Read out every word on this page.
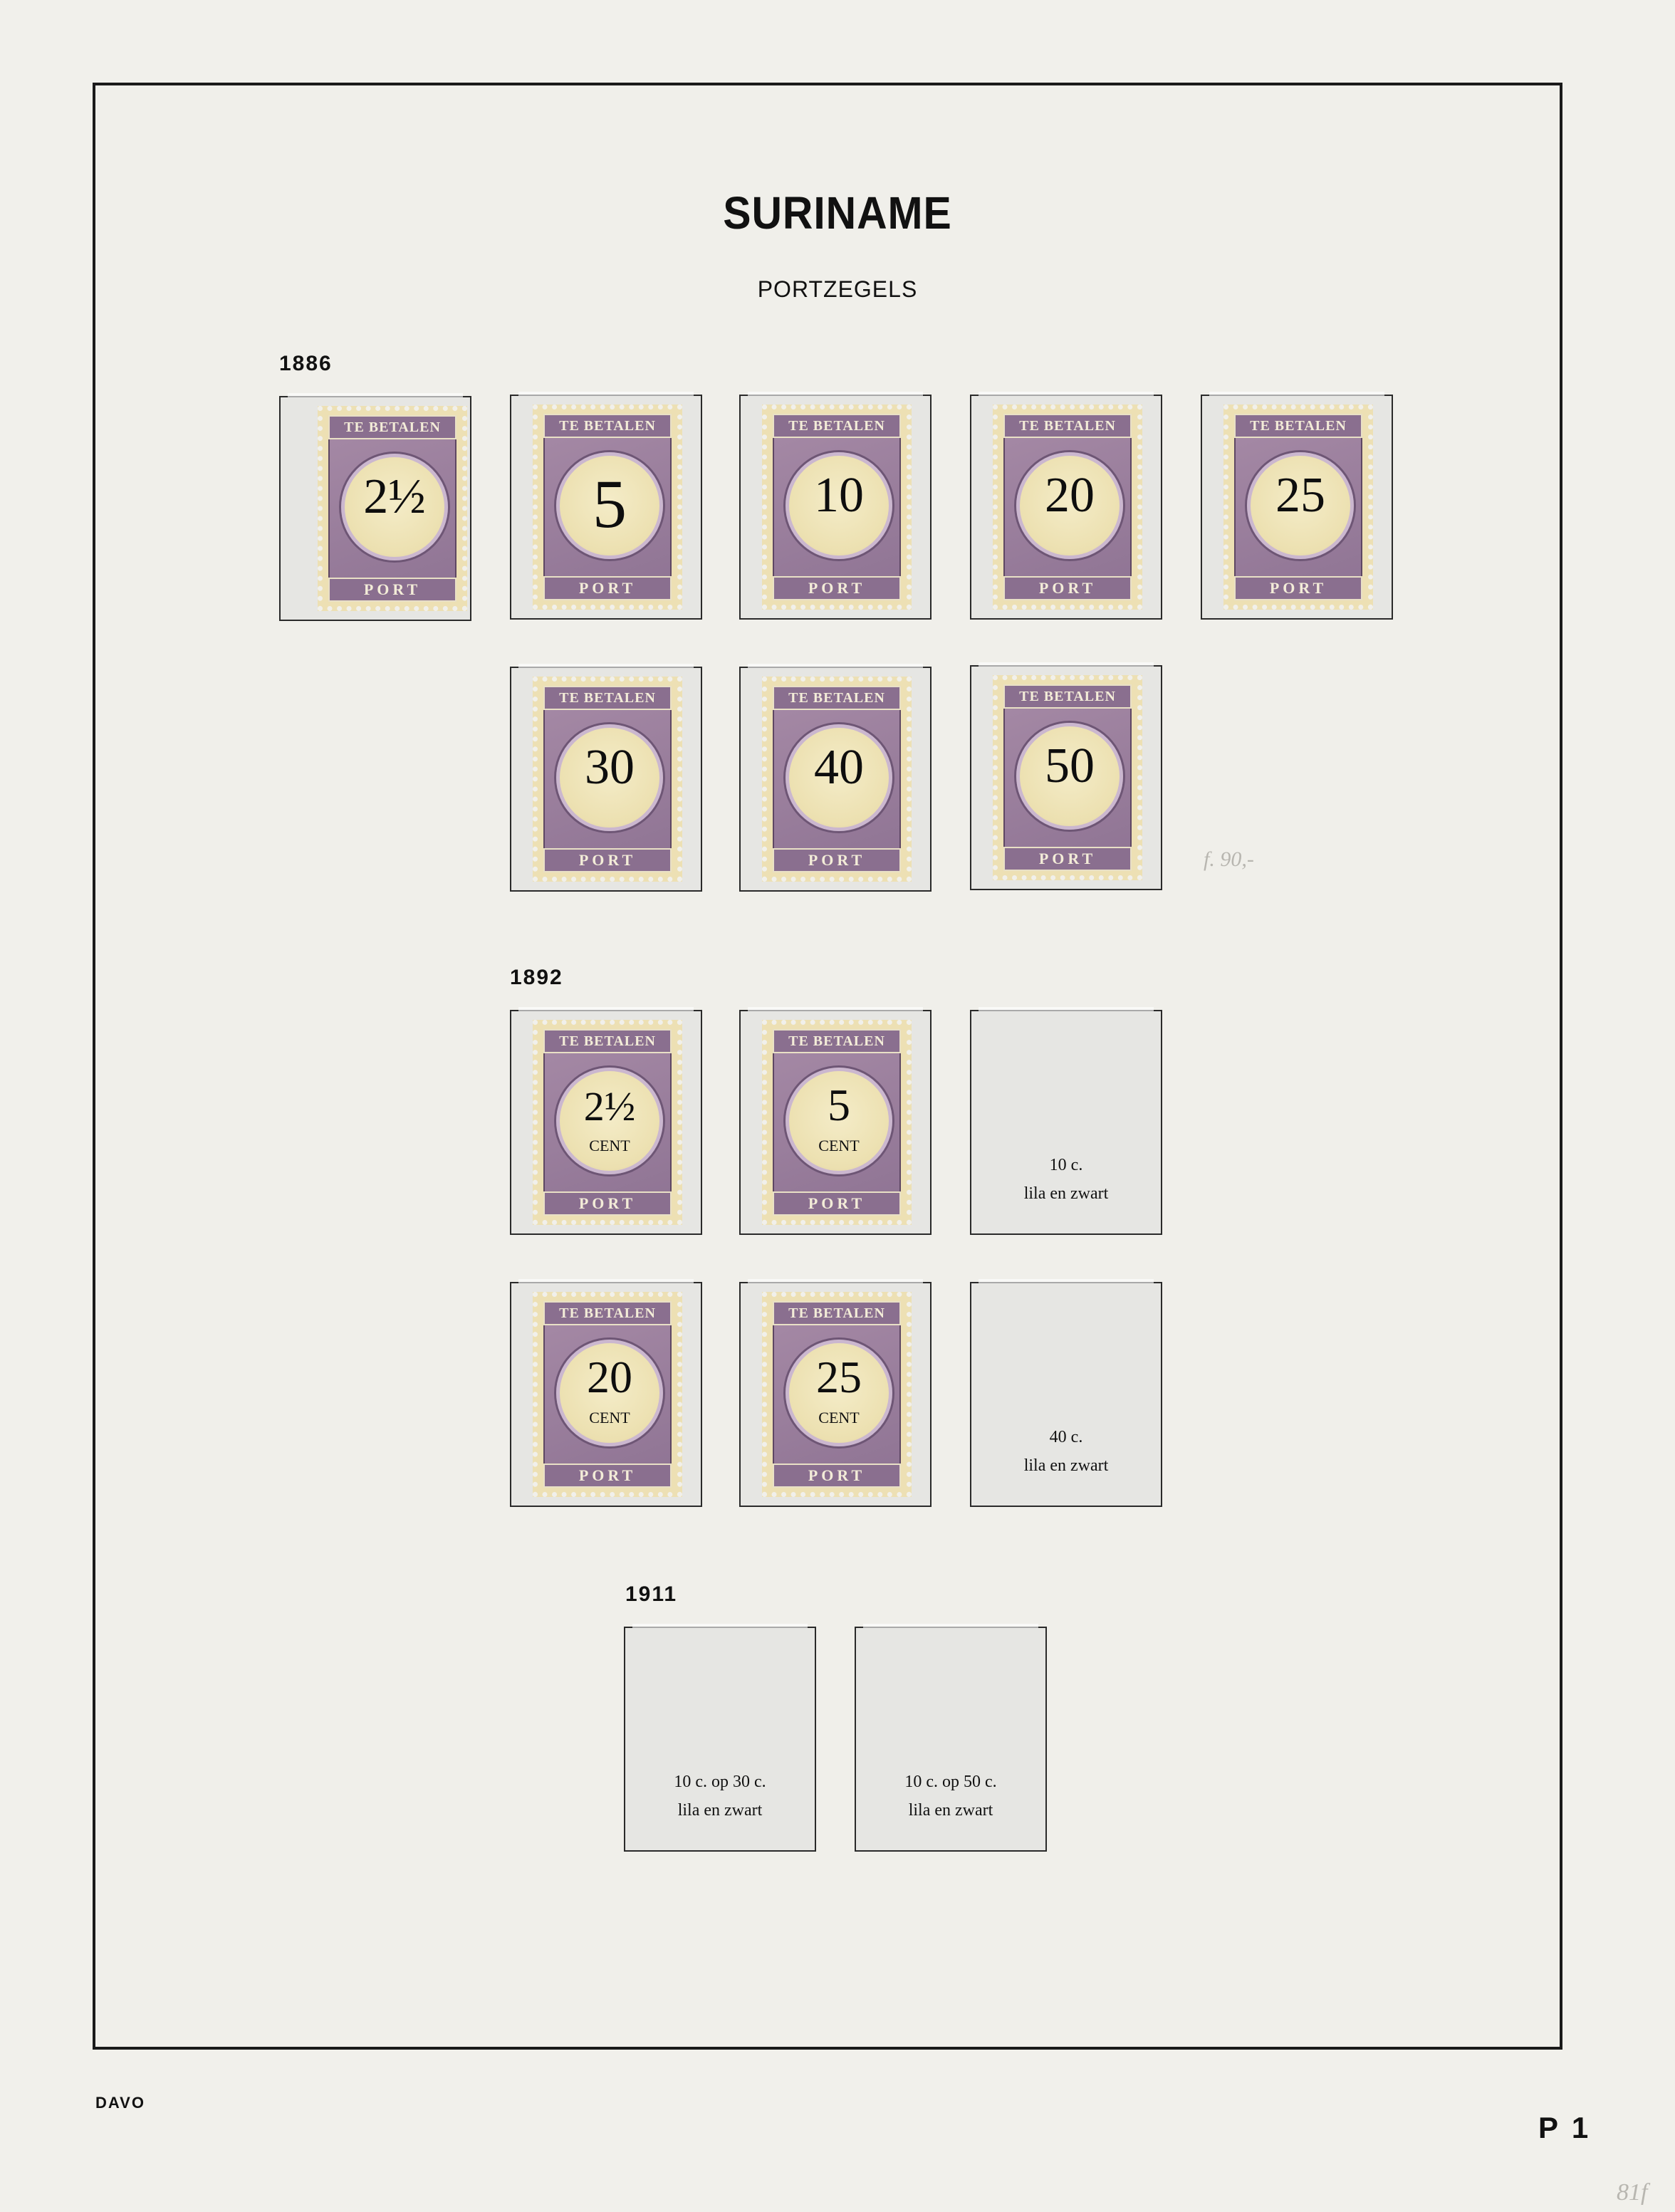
SURINAME
PORTZEGELS
1886
TE BETALEN
2½
PORT
TE BETALEN
5
PORT
TE BETALEN
10
PORT
TE BETALEN
20
PORT
TE BETALEN
25
PORT
TE BETALEN
30
PORT
TE BETALEN
40
PORT
TE BETALEN
50
PORT	f. 90,-
1892
TE BETALEN
2½
CENT
PORT
TE BETALEN
5
CENT
PORT
10 c.
lila en zwart
TE BETALEN
20
CENT
PORT
TE BETALEN
25
CENT
PORT
40 c.
lila en zwart
1911
10 c. op 30 c.
lila en zwart
10 c. op 50 c.
lila en zwart
DAVO
P 1
81f
